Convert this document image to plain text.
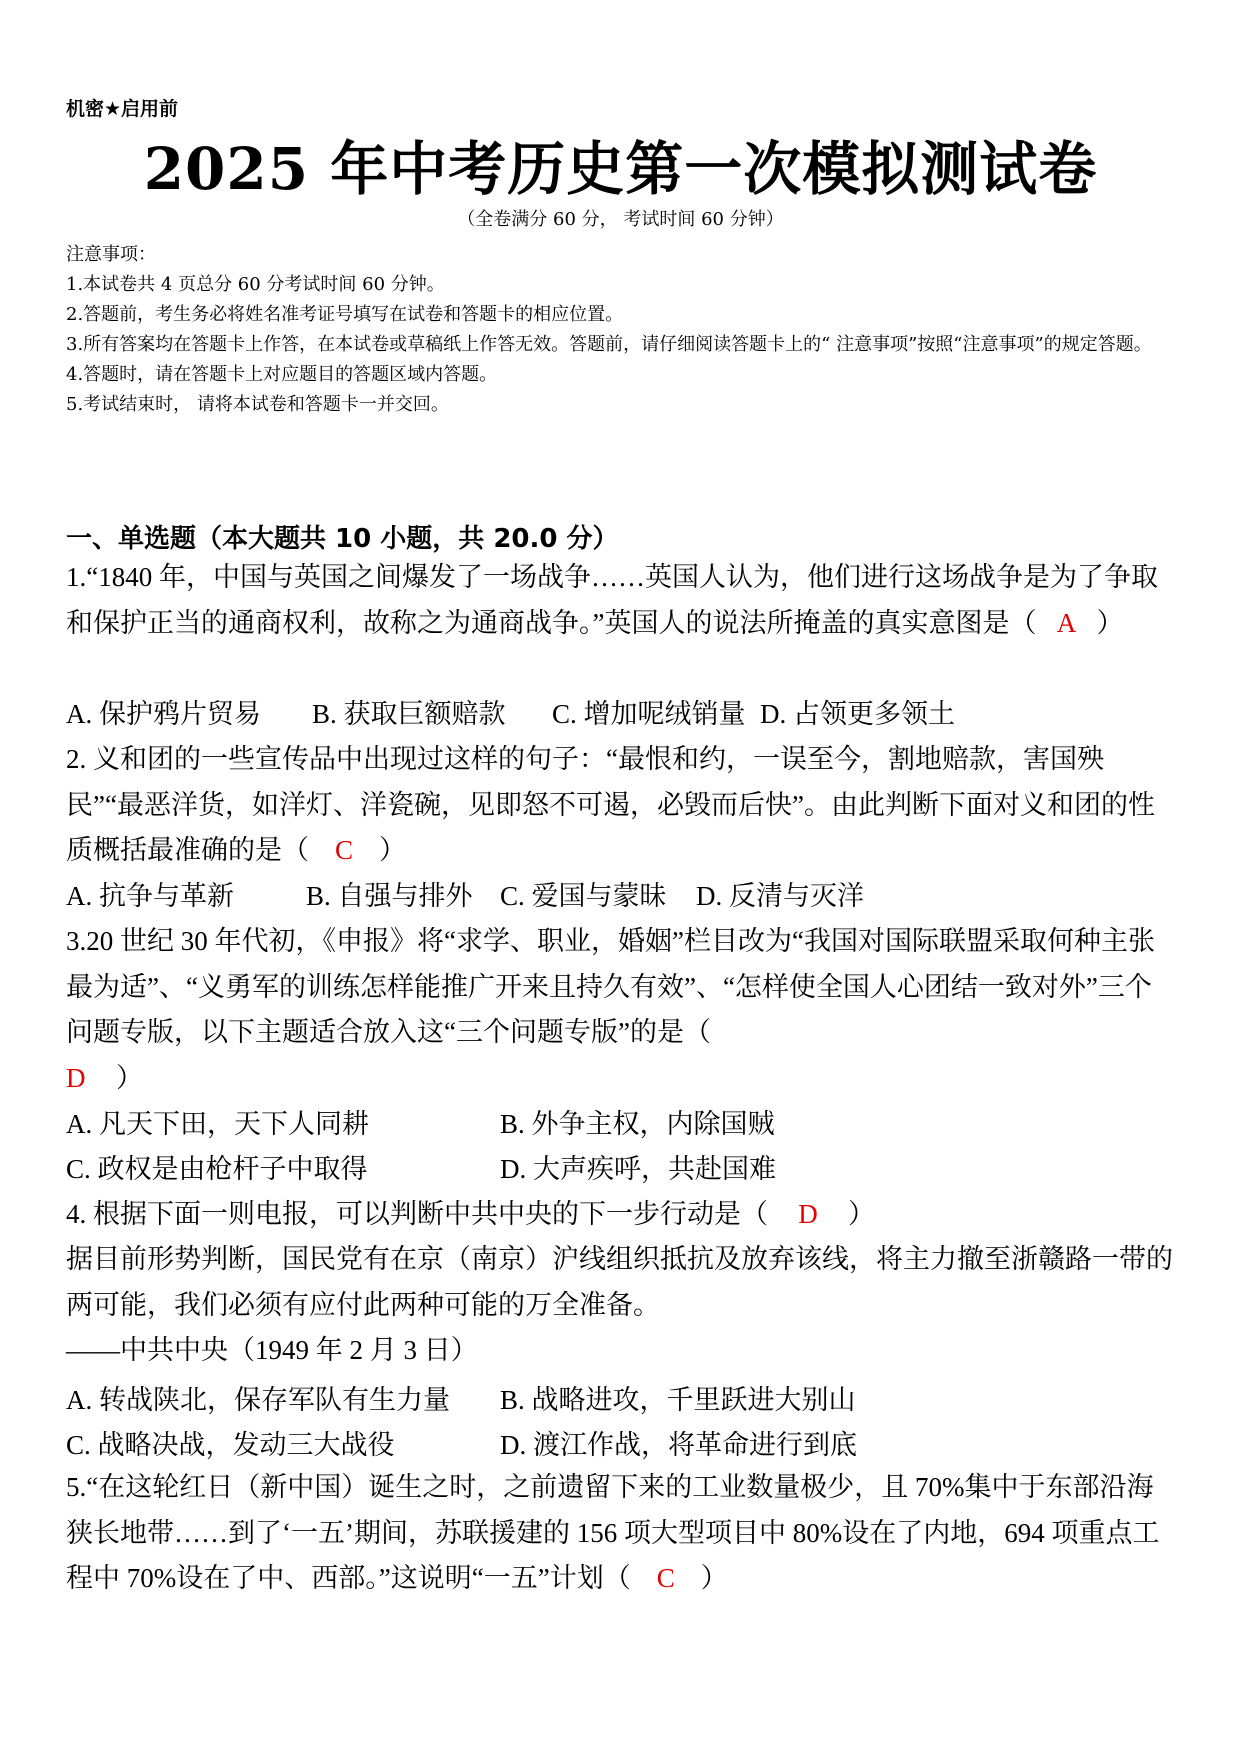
机密★启用前
2025 年中考历史第一次模拟测试卷
（全卷满分 60 分， 考试时间 60 分钟）
注意事项：
1.本试卷共 4 页总分 60 分考试时间 60 分钟。
2.答题前，考生务必将姓名准考证号填写在试卷和答题卡的相应位置。
3.所有答案均在答题卡上作答，在本试卷或草稿纸上作答无效。答题前，请仔细阅读答题卡上的“ 注意事项”按照“注意事项”的规定答题。
4.答题时，请在答题卡上对应题目的答题区域内答题。
5.考试结束时， 请将本试卷和答题卡一并交回。
一、单选题（本大题共 10 小题，共 20.0 分）
1.“1840 年，中国与英国之间爆发了一场战争……英国人认为，他们进行这场战争是为了争取和保护正当的通商权利，故称之为通商战争。”英国人的说法所掩盖的真实意图是（ A ）
A. 保护鸦片贸易 B. 获取巨额赔款 C. 增加呢绒销量 D. 占领更多领土
2. 义和团的一些宣传品中出现过这样的句子：“最恨和约，一误至今，割地赔款，害国殃民”“最恶洋货，如洋灯、洋瓷碗，见即怒不可遏，必毁而后快”。由此判断下面对义和团的性质概括最准确的是（ C ）
A. 抗争与革新	B. 自强与排外 C. 爱国与蒙昧 D. 反清与灭洋
3.20 世纪 30 年代初，《申报》将“求学、职业，婚姻”栏目改为“我国对国际联盟采取何种主张最为适”、“义勇军的训练怎样能推广开来且持久有效”、“怎样使全国人心团结一致对外”三个问题专版，以下主题适合放入这“三个问题专版”的是（
D ）
A. 凡天下田，天下人同耕	B. 外争主权，内除国贼
C. 政权是由枪杆子中取得	D. 大声疾呼，共赴国难
4. 根据下面一则电报，可以判断中共中央的下一步行动是（ D ）
据目前形势判断，国民党有在京（南京）沪线组织抵抗及放弃该线，将主力撤至浙赣路一带的两可能，我们必须有应付此两种可能的万全准备。
——中共中央（1949 年 2 月 3 日）
A. 转战陕北，保存军队有生力量 B. 战略进攻，千里跃进大别山
C. 战略决战，发动三大战役	D. 渡江作战，将革命进行到底
5.“在这轮红日（新中国）诞生之时，之前遗留下来的工业数量极少，且 70%集中于东部沿海狭长地带……到了‘一五’期间，苏联援建的 156 项大型项目中 80%设在了内地，694 项重点工程中 70%设在了中、西部。”这说明“一五”计划（ C ）
